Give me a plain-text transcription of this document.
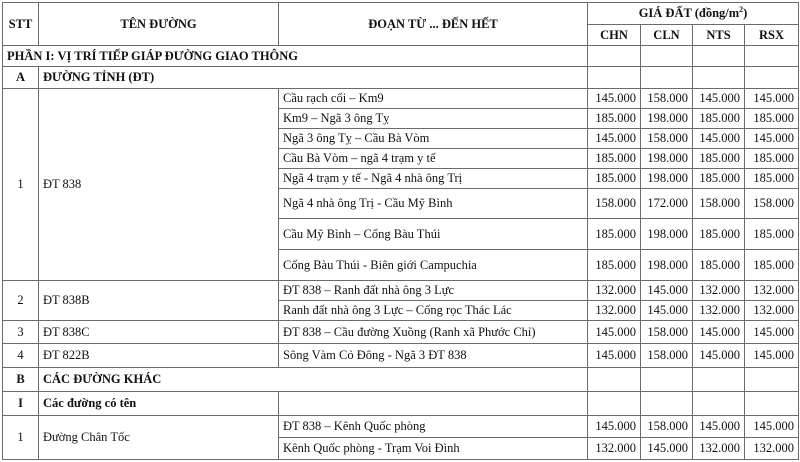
STT	TÊN ĐƯỜNG	ĐOẠN TỪ ... ĐẾN HẾT	GIÁ ĐẤT $(đồng/m^2)$			
			CHN	CLN	NTS	RSX
PHẦN I: VỊ TRÍ TIẾP GIÁP ĐƯỜNG GIAO THÔNG						
A	ĐƯỜNG TỈNH (ĐT)					
1	ĐT 838	Cầu rạch cối – Km9	145.000	158.000	145.000	145.000
		Km9 – Ngã 3 ông Tỵ	185.000	198.000	185.000	185.000
		Ngã 3 ông Tỵ – Cầu Bà Vòm	145.000	158.000	145.000	145.000
		Cầu Bà Vòm – ngã 4 trạm y tế	185.000	198.000	185.000	185.000
		Ngã 4 trạm y tế - Ngã 4 nhà ông Trị	185.000	198.000	185.000	185.000
		Ngã 4 nhà ông Trị - Cầu Mỹ Bình	158.000	172.000	158.000	158.000
		Cầu Mỹ Bình – Cống Bàu Thúi	185.000	198.000	185.000	185.000
		Cống Bàu Thúi - Biên giới Campuchia	185.000	198.000	185.000	185.000
2	ĐT 838B	ĐT 838 – Ranh đất nhà ông 3 Lực	132.000	145.000	132.000	132.000
		Ranh đất nhà ông 3 Lực – Cống rọc Thác Lác	132.000	145.000	132.000	132.000
3	ĐT 838C	ĐT 838 – Cầu đường Xuồng (Ranh xã Phước Chỉ)	145.000	158.000	145.000	145.000
4	ĐT 822B	Sông Vàm Cỏ Đông - Ngã 3 ĐT 838	145.000	158.000	145.000	145.000
B	CÁC ĐƯỜNG KHÁC					
I	Các đường có tên					
1	Đường Chân Tốc	ĐT 838 – Kênh Quốc phòng	145.000	158.000	145.000	145.000
		Kênh Quốc phòng - Trạm Voi Đình	132.000	145.000	132.000	132.000
